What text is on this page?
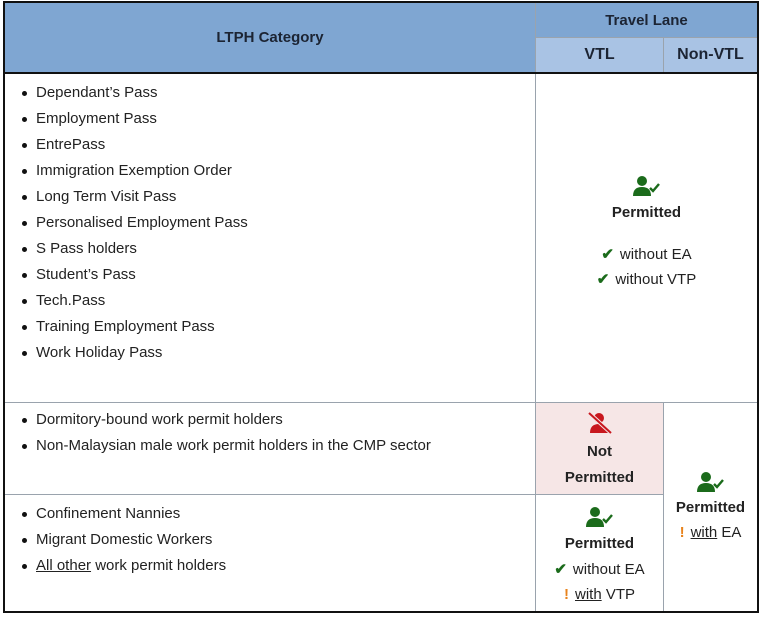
LTPH Category
Travel Lane
VTL	Non-VTL
Dependant’s Pass
Employment Pass
EntrePass
Immigration Exemption Order
Long Term Visit Pass
Personalised Employment Pass
S Pass holders
Student’s Pass
Tech.Pass
Training Employment Pass
Work Holiday Pass
Permitted
✔ without EA
✔ without VTP
Dormitory-bound work permit holders
Non-Malaysian male work permit holders in the CMP sector	Not
Permitted
Permitted
! with EA
Confinement Nannies
Migrant Domestic Workers
All other work permit holders
Permitted
✔ without EA
! with VTP
